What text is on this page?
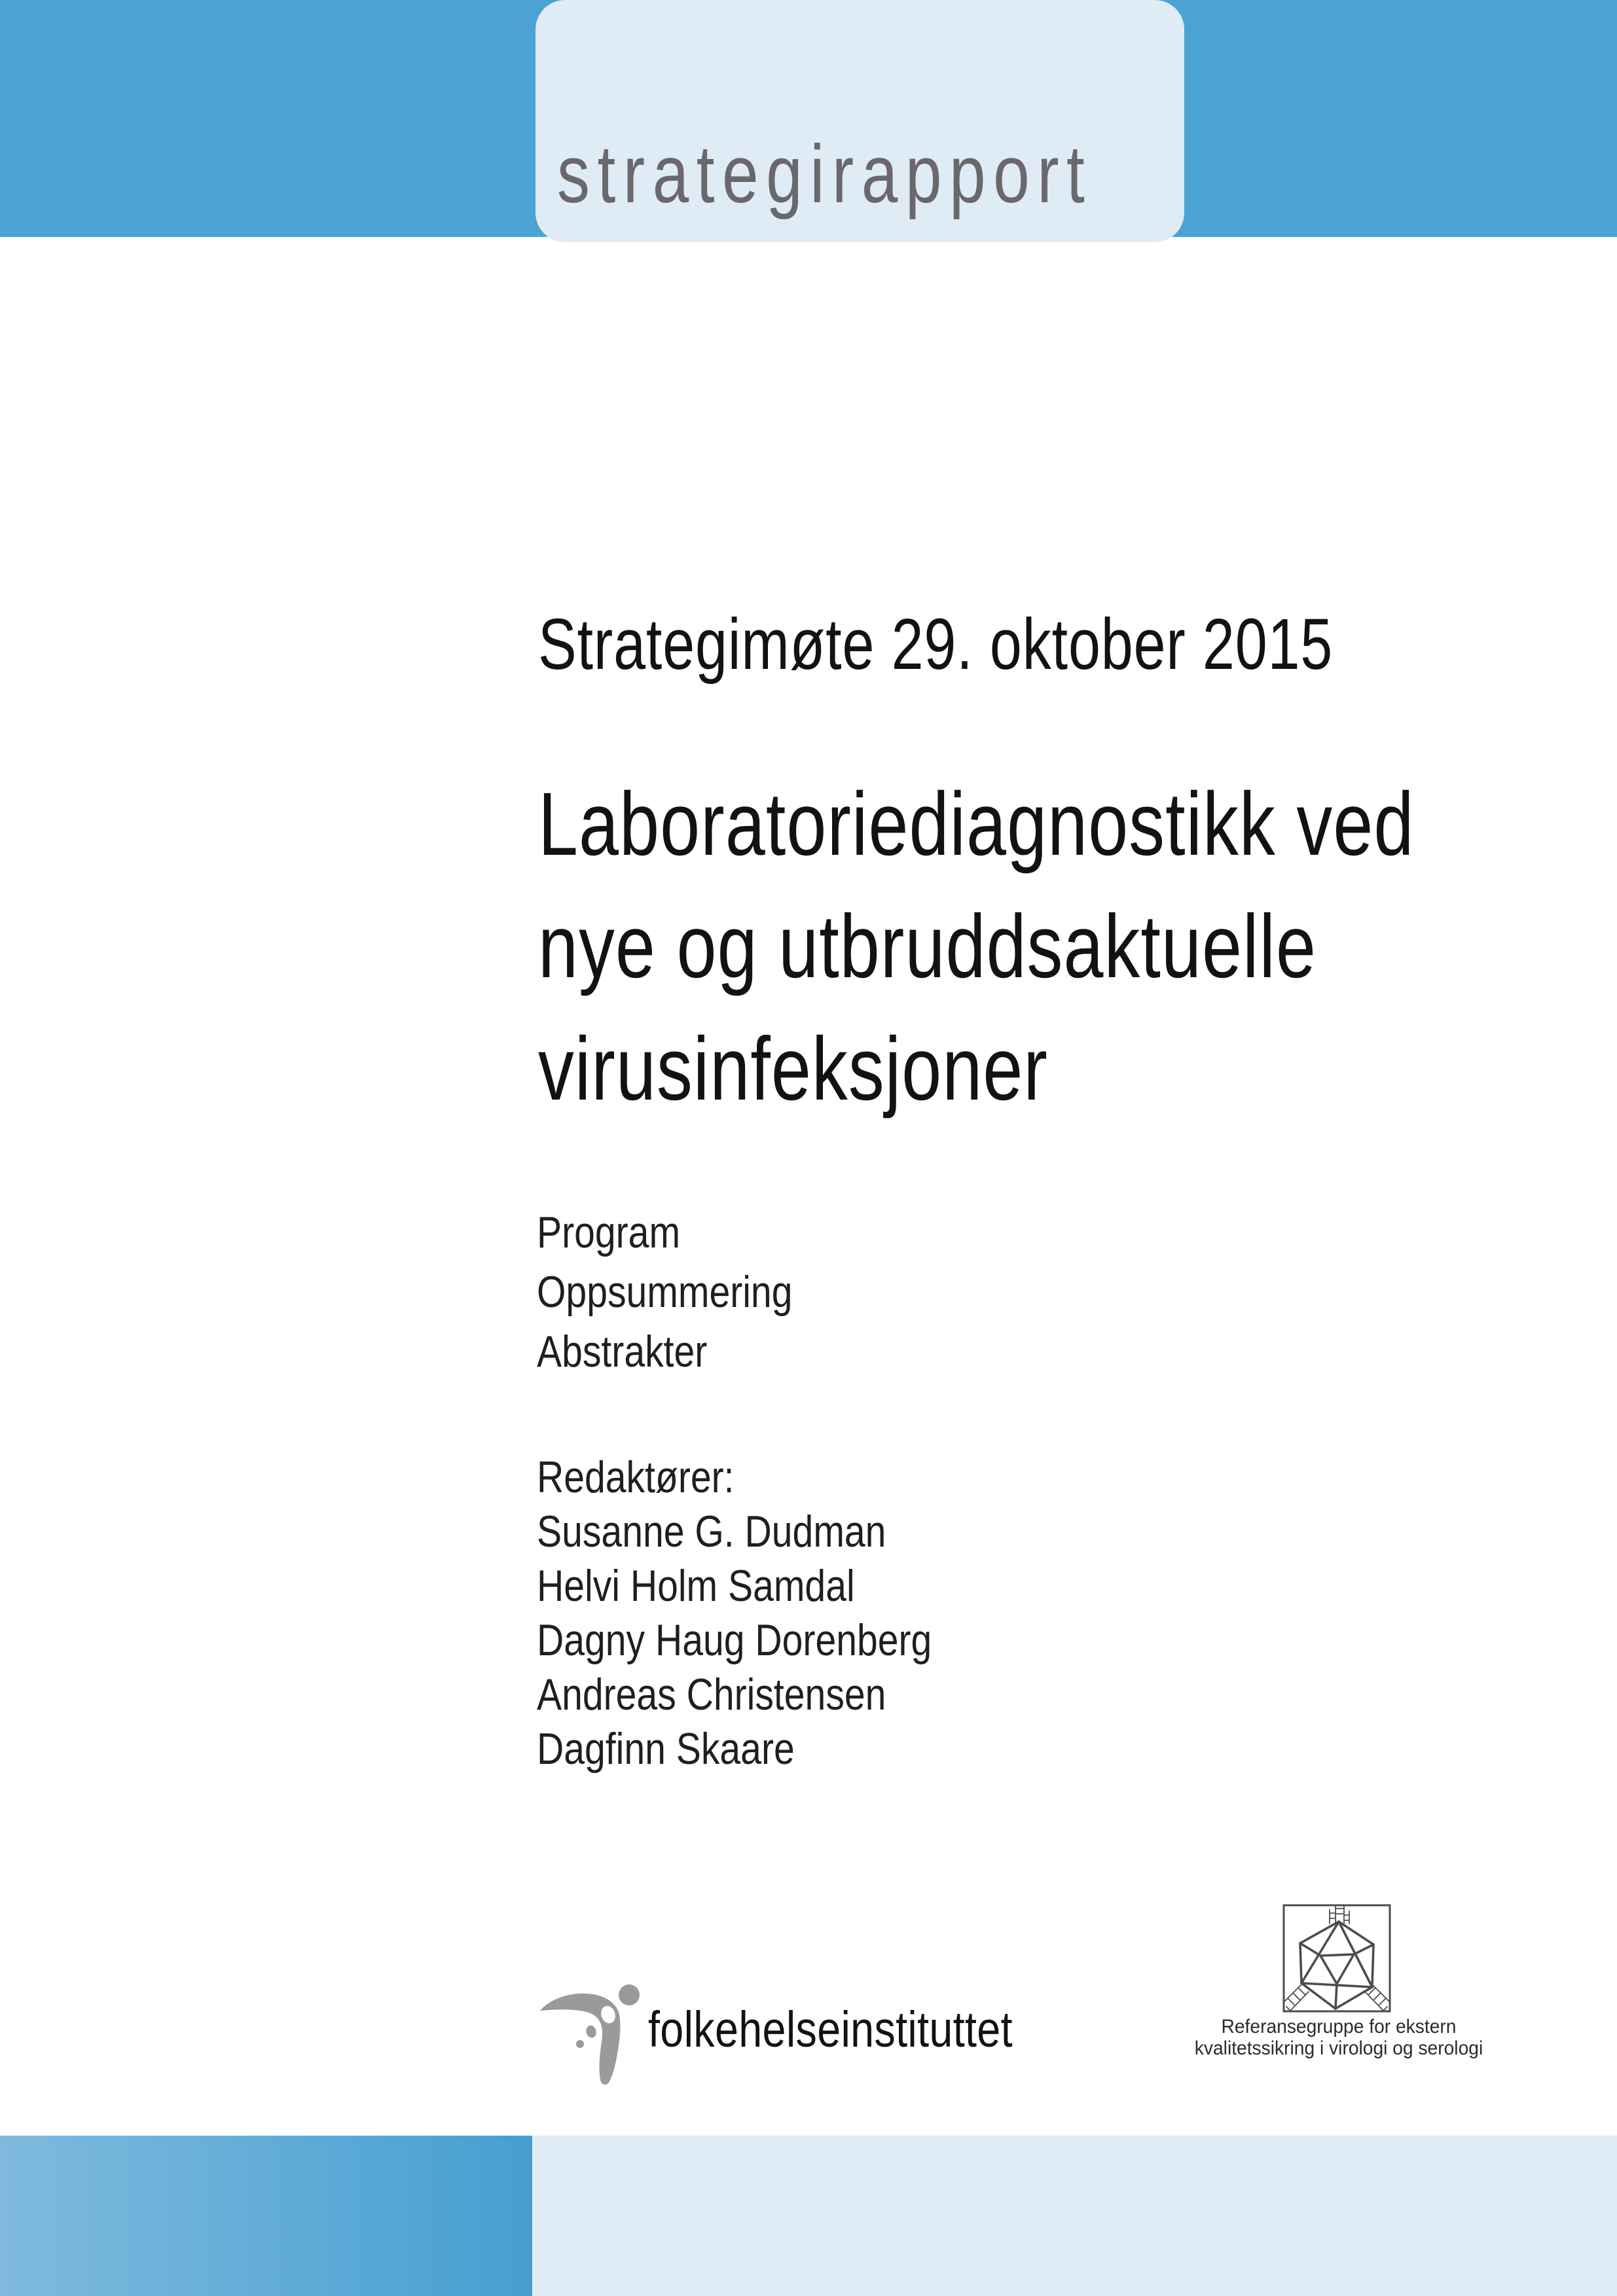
strategirapport
Strategimøte 29. oktober 2015
Laboratoriediagnostikk ved
nye og utbruddsaktuelle
virusinfeksjoner
Program
Oppsummering
Abstrakter
Redaktører:
Susanne G. Dudman
Helvi Holm Samdal
Dagny Haug Dorenberg
Andreas Christensen
Dagfinn Skaare
folkehelseinstituttet	Referansegruppe for ekstern
kvalitetssikring i virologi og serologi
